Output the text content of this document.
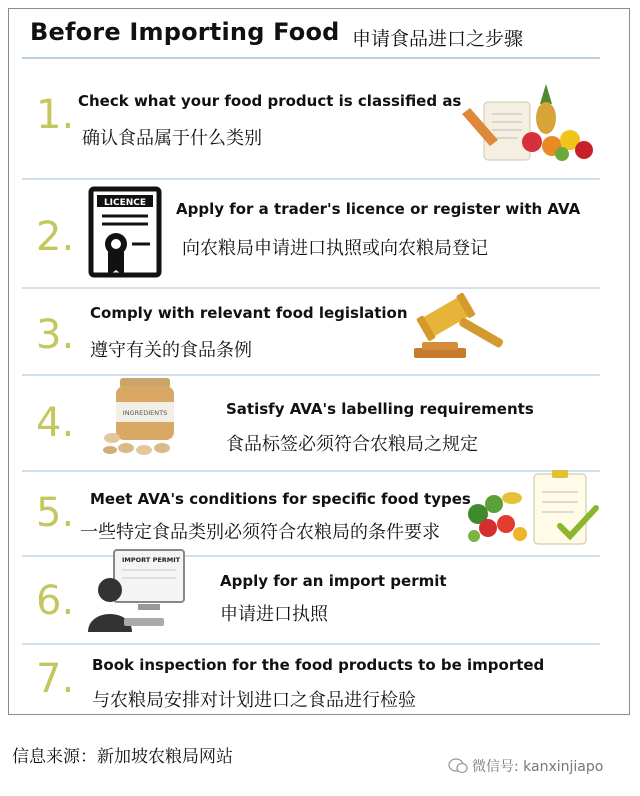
Before Importing Food 申请食品进口之步骤
1. Check what your food product is classified as
确认食品属于什么类别
2.
LICENCE Apply for a trader's licence or register with AVA
向农粮局申请进口执照或向农粮局登记
3. Comply with relevant food legislation
遵守有关的食品条例
4.	INGREDIENTS	Satisfy AVA's labelling requirements
食品标签必须符合农粮局之规定
5. Meet AVA's conditions for specific food types
一些特定食品类别必须符合农粮局的条件要求
6.
IMPORT PERMIT
Apply for an import permit
申请进口执照
7. Book inspection for the food products to be imported
与农粮局安排对计划进口之食品进行检验
信息来源：新加坡农粮局网站	微信号: kanxinjiapo
